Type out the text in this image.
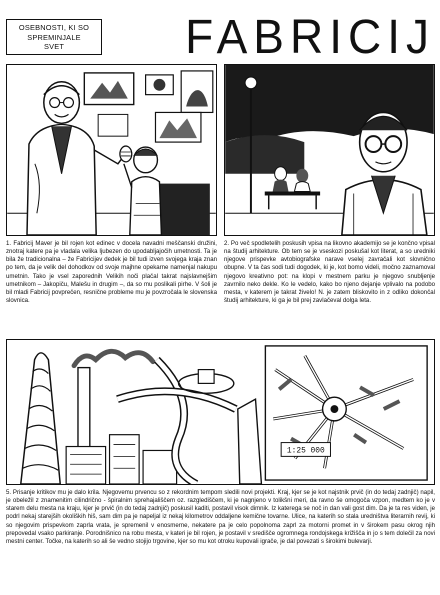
OSEBNOSTI, KI SO
SPREMINJALE
SVET	FABRICIJ

1. Fabricij Maver je bil rojen kot edinec v docela navadni meščanski družini, znotraj katere pa je vladala velika ljubezen do upodabljajočih umetnosti. Ta je bila že tradicionalna – že Fabricijev dedek je bil tudi izven svojega kraja znan po tem, da je velik del dohodkov od svoje majhne opekarne namenjal nakupu umetnin. Tako je vsel zaporednih Velikih noči plačal takrat najslavnejšim umetnikom – Jakopiču, Malešu in drugim –, da so mu poslikali pirhe. V šoli je bil mladi Fabricij povprečen, resnične probleme mu je povzročala le slovenska slovnica.

2. Po več spodletelih poskusih vpisa na likovno akademijo se je končno vpisal na študij arhitekture. Ob tem se je vseskozi poskušal kot literat, a so uredniki njegove prispevke avtobiografske narave vselej zavračali kot slovnično obupne. V ta čas sodi tudi dogodek, ki je, kot bomo videli, močno zaznamoval njegovo kreativno pot: na klopi v mestnem parku je njegovo snubljenje zavrnilo neko dekle. Ko le vedelo, kako bo njeno dejanje vplivalo na podobo mesta, v katerem je takrat živelo! N. je zatem bliskovito in z odliko dokončal študij arhitekture, ki ga je bil prej zavlačeval dolga leta.

1:25 000

5. Prisanje kritikov mu je dalo krila. Njegovemu prvencu so z rekordnim tempom sledili novi projekti. Kraj, kjer se je kot najstnik prvič (in do tedaj zadnjič) napil, je obeležil z znamenitim cilindrično - špiralnim sprehajališčem oz. razglediščem, ki je nagnjeno v tolikšni meri, da ravno še omogoča vzpon, medtem ko je v starem delu mesta na kraju, kjer je prvič (in do tedaj zadnjič) poskusil kaditi, postavil visok dimnik. Iz katerega se noč in dan vali gost dim. Da je ta res viden, je podrl nekaj starejših okoliških hiš, sam dim pa je napeljal iz nekaj kilometrov oddaljene kemične tovarne. Ulice, na katerih so stala uredništva literarnih revij, ki so njegovim prispevkom zaprla vrata, je spremenil v enosmerne, nekatere pa je celo popolnoma zaprl za motorni promet in v širokem pasu okrog njih prepovedal vsako parkiranje. Porodnišnico na robu mesta, v kateri je bil rojen, je postavil v središče ogromnega rondojskega križišča in jo s tem dolečil za novi mestni center. Točke, na katerih so ali še vedno stojijo trgovine, kjer so mu kot otroku kupovali igrače, je dal povezati s širokimi bulevarji.
